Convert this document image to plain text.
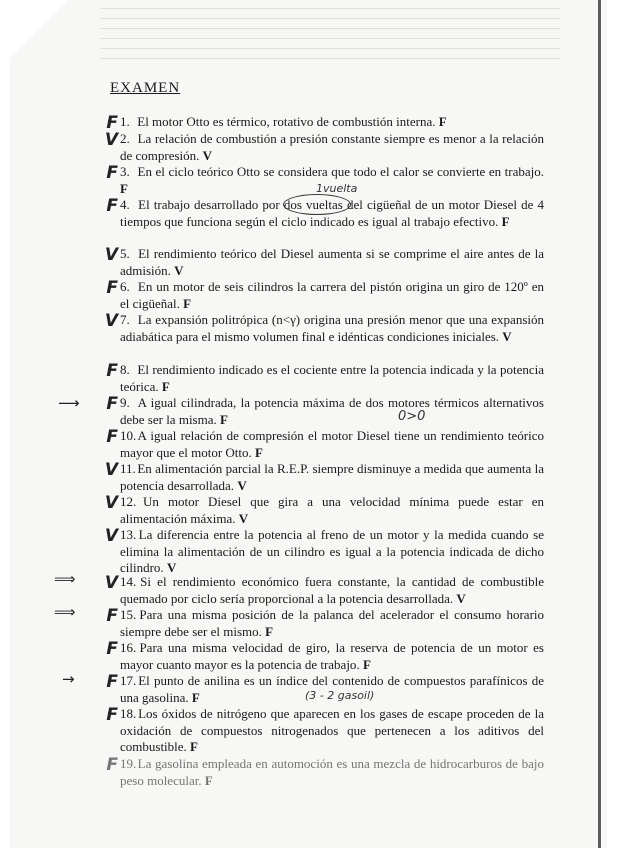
EXAMEN
F 1. El motor Otto es térmico, rotativo de combustión interna. F
V 2. La relación de combustión a presión constante siempre es menor a la relación de compresión. V
F 3. En el ciclo teórico Otto se considera que todo el calor se convierte en trabajo. F
F 4. El trabajo desarrollado por dos vueltas del cigüeñal de un motor Diesel de 4 tiempos que funciona según el ciclo indicado es igual al trabajo efectivo. F
1vuelta
V 5. El rendimiento teórico del Diesel aumenta si se comprime el aire antes de la admisión. V
F 6. En un motor de seis cilindros la carrera del pistón origina un giro de 120º en el cigüeñal. F
V 7. La expansión politrópica (n<γ) origina una presión menor que una expansión adiabática para el mismo volumen final e idénticas condiciones iniciales. V
F 8. El rendimiento indicado es el cociente entre la potencia indicada y la potencia teórica. F
⟶	F 9. A igual cilindrada, la potencia máxima de dos motores térmicos alternativos debe ser la misma. F	0>0
F 10. A igual relación de compresión el motor Diesel tiene un rendimiento teórico mayor que el motor Otto. F
V 11. En alimentación parcial la R.E.P. siempre disminuye a medida que aumenta la potencia desarrollada. V
V 12. Un motor Diesel que gira a una velocidad mínima puede estar en alimentación máxima. V
V 13. La diferencia entre la potencia al freno de un motor y la medida cuando se elimina la alimentación de un cilindro es igual a la potencia indicada de dicho cilindro. V
⟹	V 14. Si el rendimiento económico fuera constante, la cantidad de combustible quemado por ciclo sería proporcional a la potencia desarrollada. V
⟹	F 15. Para una misma posición de la palanca del acelerador el consumo horario siempre debe ser el mismo. F
F 16. Para una misma velocidad de giro, la reserva de potencia de un motor es mayor cuanto mayor es la potencia de trabajo. F
→	F 17. El punto de anilina es un índice del contenido de compuestos parafínicos de una gasolina. F	(3 - 2 gasoil)
F 18. Los óxidos de nitrógeno que aparecen en los gases de escape proceden de la oxidación de compuestos nitrogenados que pertenecen a los aditivos del combustible. F
F 19. La gasolina empleada en automoción es una mezcla de hidrocarburos de bajo peso molecular. F
